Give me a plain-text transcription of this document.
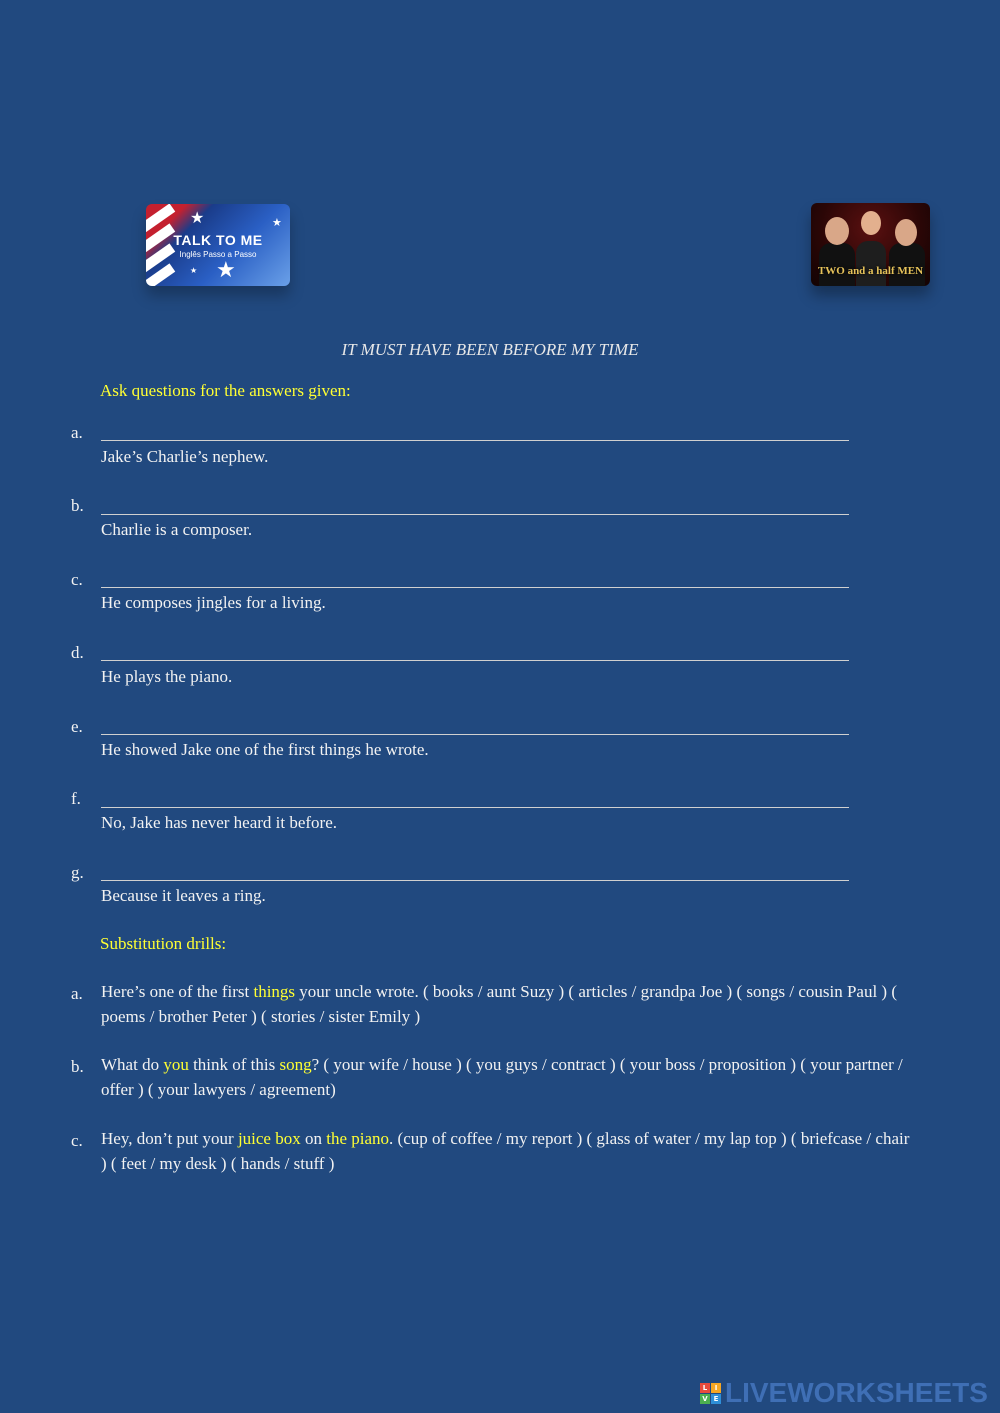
★	★
★
★
TALK TO ME
Inglês Passo a Passo
TWO and a half MEN
IT MUST HAVE BEEN BEFORE MY TIME
Ask questions for the answers given:
a.
Jake’s Charlie’s nephew.
b.
Charlie is a composer.
c.
He composes jingles for a living.
d.
He plays the piano.
e.
He showed Jake one of the first things he wrote.
f.
No, Jake has never heard it before.
g.
Because it leaves a ring.
Substitution drills:
a. Here’s one of the first things your uncle wrote. ( books / aunt Suzy ) ( articles / grandpa Joe ) ( songs / cousin Paul ) ( poems / brother Peter ) ( stories / sister Emily )
b. What do you think of this song? ( your wife / house ) ( you guys / contract ) ( your boss / proposition ) ( your partner / offer ) ( your lawyers / agreement)
c. Hey, don’t put your juice box on the piano. (cup of coffee / my report ) ( glass of water / my lap top ) ( briefcase / chair ) ( feet / my desk ) ( hands / stuff )
L	I
V E LIVEWORKSHEETS
